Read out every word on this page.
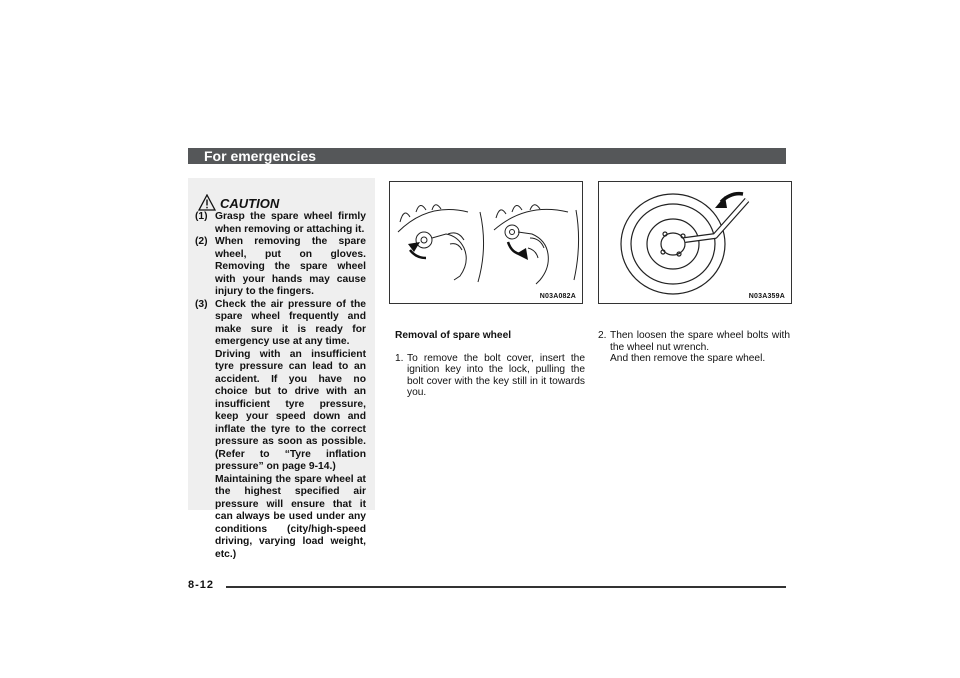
For emergencies
CAUTION
(1) Grasp the spare wheel firmly when removing or attaching it.
(2) When removing the spare wheel, put on gloves. Removing the spare wheel with your hands may cause injury to the fingers.
(3) Check the air pressure of the spare wheel frequently and make sure it is ready for emergency use at any time.
Driving with an insufficient tyre pressure can lead to an accident. If you have no choice but to drive with an insufficient tyre pressure, keep your speed down and inflate the tyre to the correct pressure as soon as possible. (Refer to “Tyre inflation pressure” on page 9-14.)
Maintaining the spare wheel at the highest specified air pressure will ensure that it can always be used under any conditions (city/high-speed driving, varying load weight, etc.)
N03A082A	N03A359A
Removal of spare wheel
1. To remove the bolt cover, insert the ignition key into the lock, pulling the bolt cover with the key still in it towards you.
2. Then loosen the spare wheel bolts with the wheel nut wrench.
And then remove the spare wheel.
8-12
